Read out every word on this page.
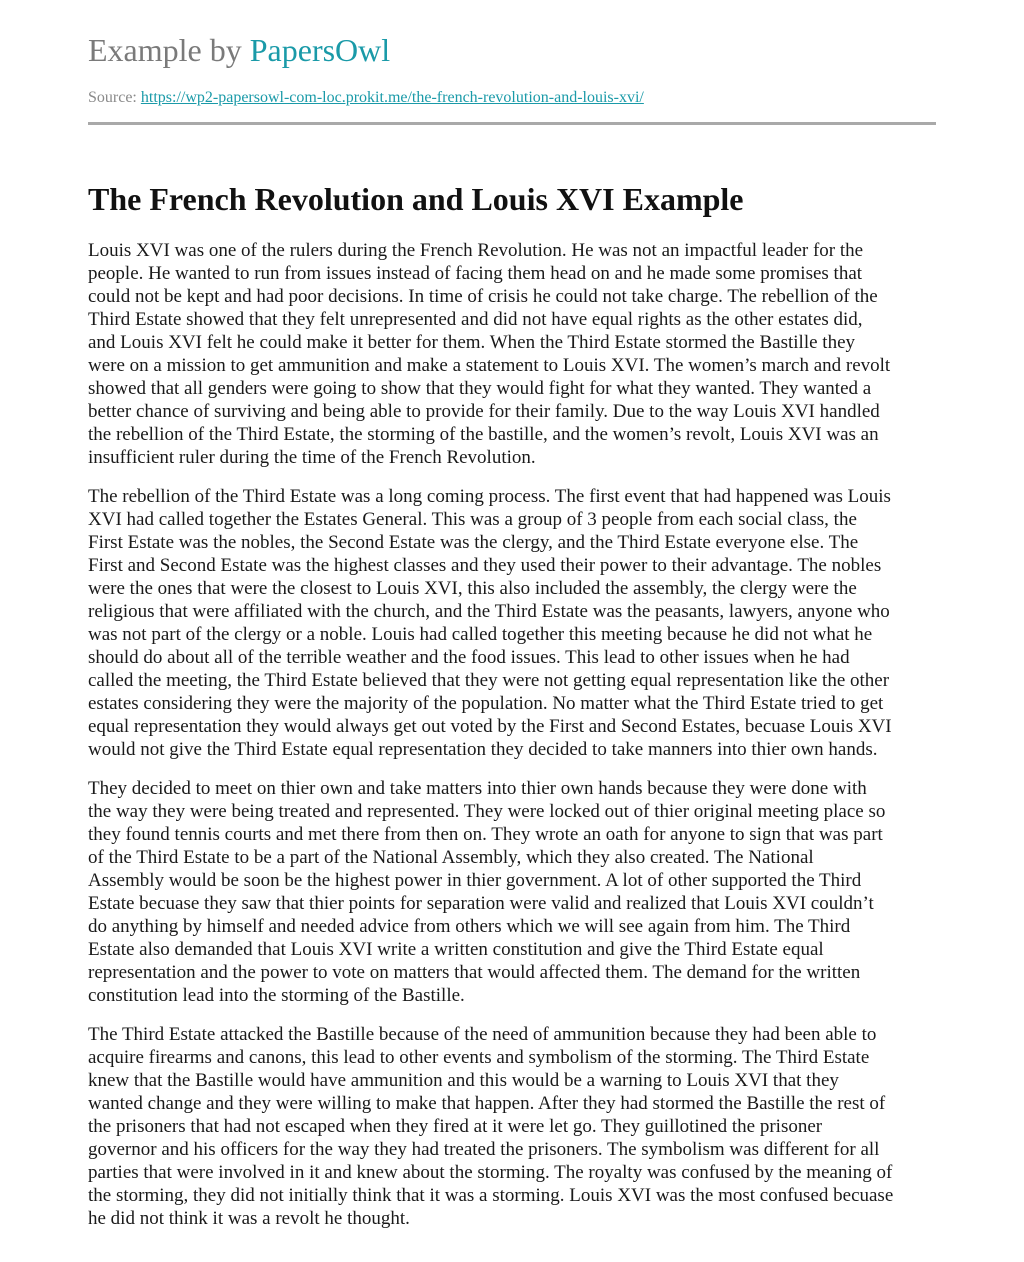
Example by PapersOwl
Source: https://wp2-papersowl-com-loc.prokit.me/the-french-revolution-and-louis-xvi/
The French Revolution and Louis XVI Example

Louis XVI was one of the rulers during the French Revolution. He was not an impactful leader for the
people. He wanted to run from issues instead of facing them head on and he made some promises that
could not be kept and had poor decisions. In time of crisis he could not take charge. The rebellion of the
Third Estate showed that they felt unrepresented and did not have equal rights as the other estates did,
and Louis XVI felt he could make it better for them. When the Third Estate stormed the Bastille they
were on a mission to get ammunition and make a statement to Louis XVI. The women’s march and revolt
showed that all genders were going to show that they would fight for what they wanted. They wanted a
better chance of surviving and being able to provide for their family. Due to the way Louis XVI handled
the rebellion of the Third Estate, the storming of the bastille, and the women’s revolt, Louis XVI was an
insufficient ruler during the time of the French Revolution.

The rebellion of the Third Estate was a long coming process. The first event that had happened was Louis
XVI had called together the Estates General. This was a group of 3 people from each social class, the
First Estate was the nobles, the Second Estate was the clergy, and the Third Estate everyone else. The
First and Second Estate was the highest classes and they used their power to their advantage. The nobles
were the ones that were the closest to Louis XVI, this also included the assembly, the clergy were the
religious that were affiliated with the church, and the Third Estate was the peasants, lawyers, anyone who
was not part of the clergy or a noble. Louis had called together this meeting because he did not what he
should do about all of the terrible weather and the food issues. This lead to other issues when he had
called the meeting, the Third Estate believed that they were not getting equal representation like the other
estates considering they were the majority of the population. No matter what the Third Estate tried to get
equal representation they would always get out voted by the First and Second Estates, becuase Louis XVI
would not give the Third Estate equal representation they decided to take manners into thier own hands.

They decided to meet on thier own and take matters into thier own hands because they were done with
the way they were being treated and represented. They were locked out of thier original meeting place so
they found tennis courts and met there from then on. They wrote an oath for anyone to sign that was part
of the Third Estate to be a part of the National Assembly, which they also created. The National
Assembly would be soon be the highest power in thier government. A lot of other supported the Third
Estate becuase they saw that thier points for separation were valid and realized that Louis XVI couldn’t
do anything by himself and needed advice from others which we will see again from him. The Third
Estate also demanded that Louis XVI write a written constitution and give the Third Estate equal
representation and the power to vote on matters that would affected them. The demand for the written
constitution lead into the storming of the Bastille.

The Third Estate attacked the Bastille because of the need of ammunition because they had been able to
acquire firearms and canons, this lead to other events and symbolism of the storming. The Third Estate
knew that the Bastille would have ammunition and this would be a warning to Louis XVI that they
wanted change and they were willing to make that happen. After they had stormed the Bastille the rest of
the prisoners that had not escaped when they fired at it were let go. They guillotined the prisoner
governor and his officers for the way they had treated the prisoners. The symbolism was different for all
parties that were involved in it and knew about the storming. The royalty was confused by the meaning of
the storming, they did not initially think that it was a storming. Louis XVI was the most confused becuase
he did not think it was a revolt he thought.
